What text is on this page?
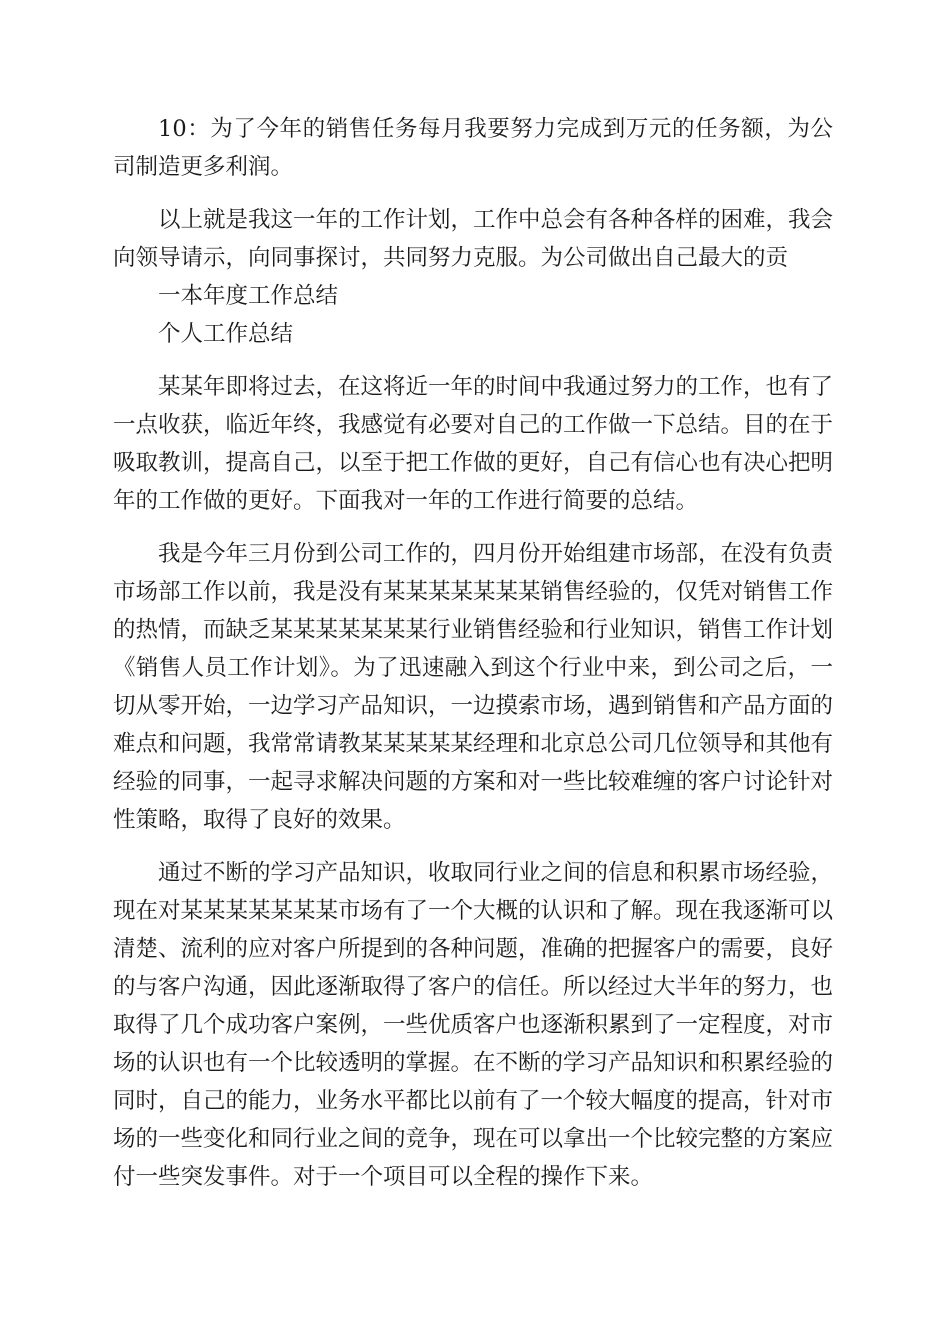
10：为了今年的销售任务每月我要努力完成到万元的任务额，为公司制造更多利润。

以上就是我这一年的工作计划，工作中总会有各种各样的困难，我会向领导请示，向同事探讨，共同努力克服。为公司做出自己最大的贡

一本年度工作总结

个人工作总结

某某年即将过去，在这将近一年的时间中我通过努力的工作，也有了一点收获，临近年终，我感觉有必要对自己的工作做一下总结。目的在于吸取教训，提高自己，以至于把工作做的更好，自己有信心也有决心把明年的工作做的更好。下面我对一年的工作进行简要的总结。

我是今年三月份到公司工作的，四月份开始组建市场部，在没有负责市场部工作以前，我是没有某某某某某某某销售经验的，仅凭对销售工作的热情，而缺乏某某某某某某某行业销售经验和行业知识，销售工作计划《销售人员工作计划》。为了迅速融入到这个行业中来，到公司之后，一切从零开始，一边学习产品知识，一边摸索市场，遇到销售和产品方面的难点和问题，我常常请教某某某某某经理和北京总公司几位领导和其他有经验的同事，一起寻求解决问题的方案和对一些比较难缠的客户讨论针对性策略，取得了良好的效果。

通过不断的学习产品知识，收取同行业之间的信息和积累市场经验，现在对某某某某某某某市场有了一个大概的认识和了解。现在我逐渐可以清楚、流利的应对客户所提到的各种问题，准确的把握客户的需要，良好的与客户沟通，因此逐渐取得了客户的信任。所以经过大半年的努力，也取得了几个成功客户案例，一些优质客户也逐渐积累到了一定程度，对市场的认识也有一个比较透明的掌握。在不断的学习产品知识和积累经验的同时，自己的能力，业务水平都比以前有了一个较大幅度的提高，针对市场的一些变化和同行业之间的竞争，现在可以拿出一个比较完整的方案应付一些突发事件。对于一个项目可以全程的操作下来。
